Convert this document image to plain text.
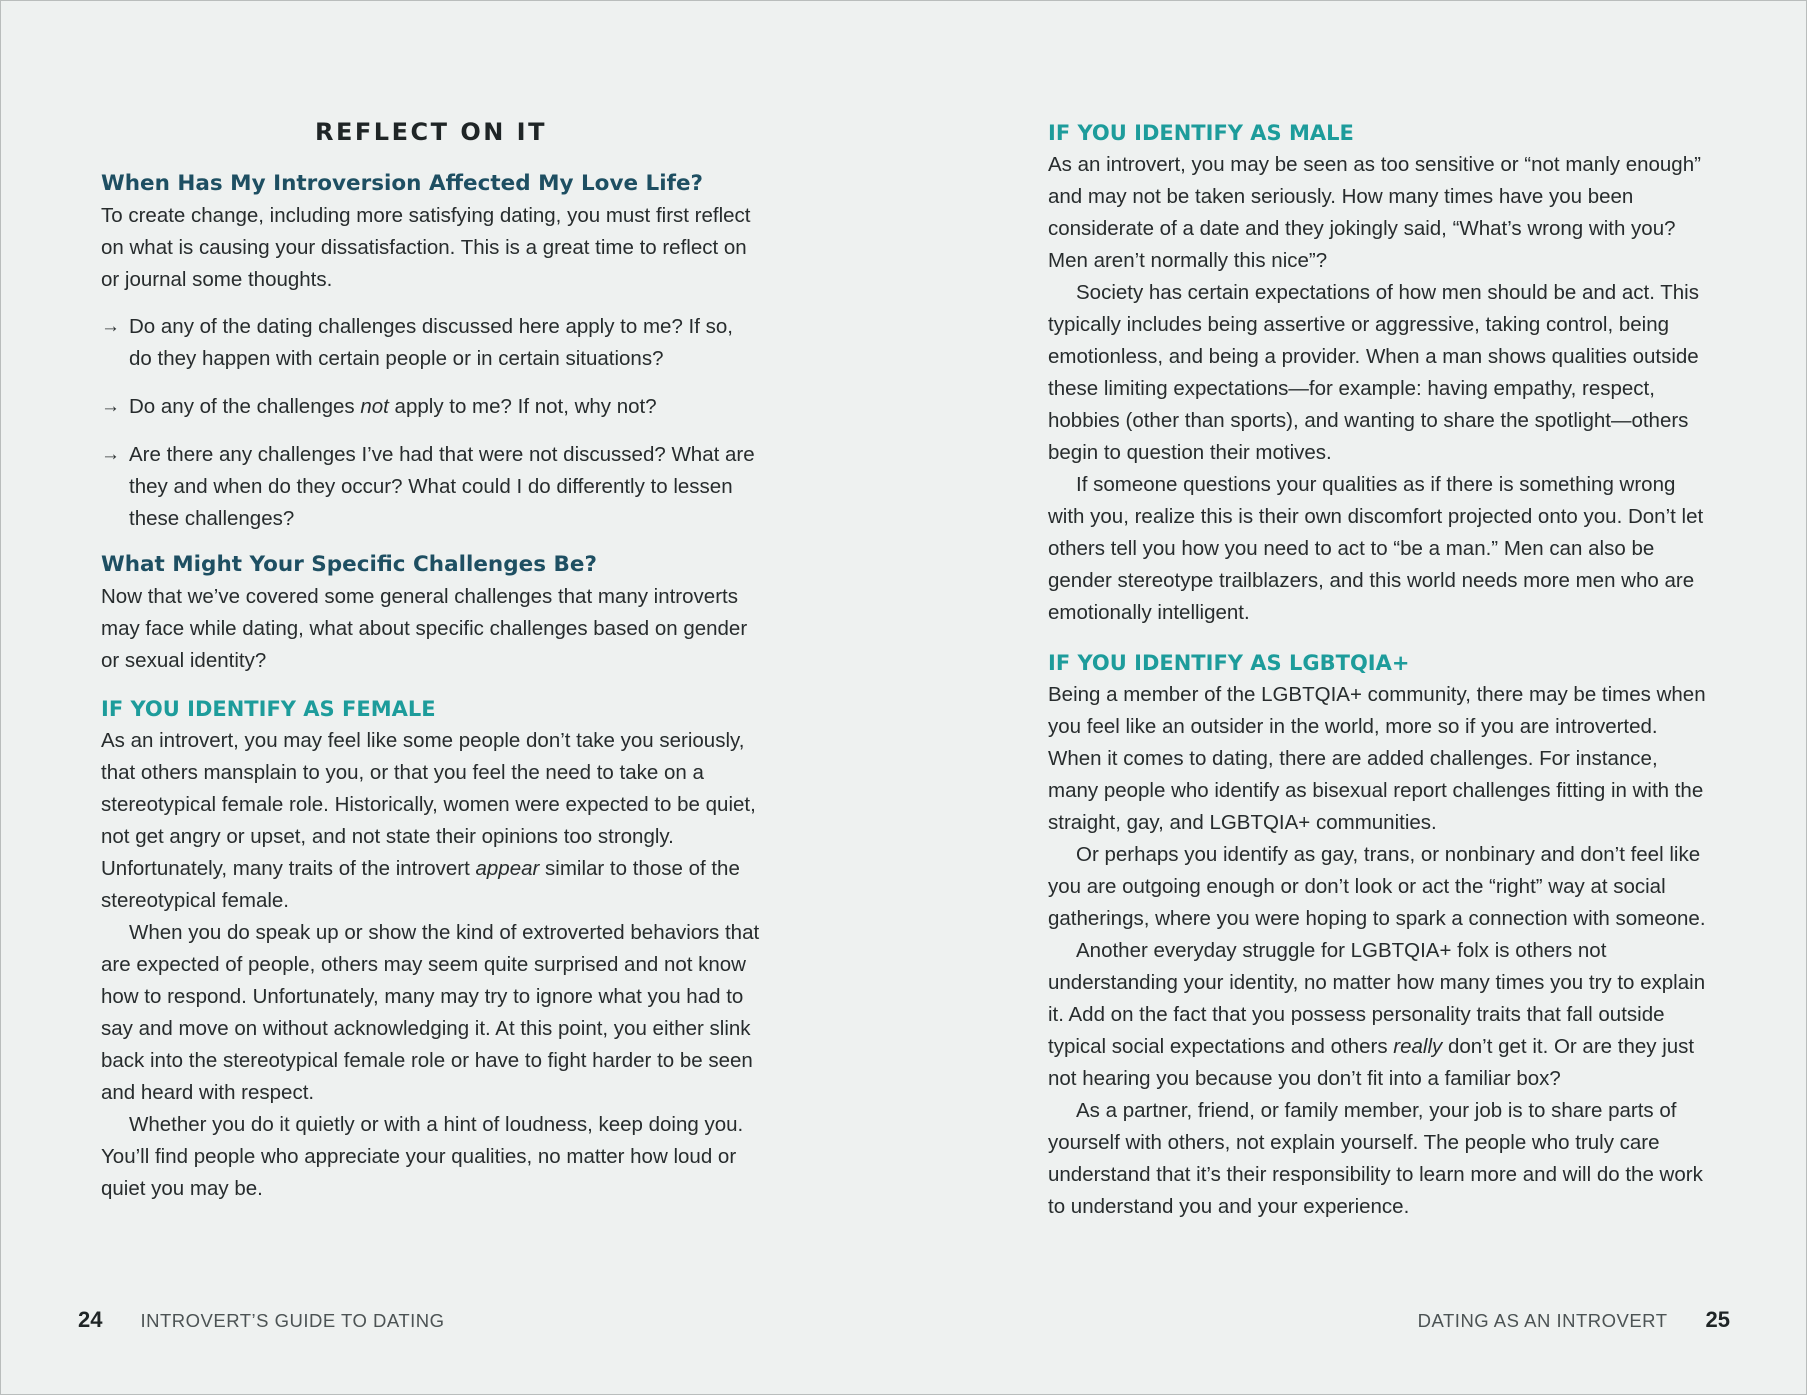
REFLECT ON IT
When Has My Introversion Affected My Love Life?

To create change, including more satisfying dating, you must first reflect on what is causing your dissatisfaction. This is a great time to reflect on or journal some thoughts.

→ Do any of the dating challenges discussed here apply to me? If so, do they happen with certain people or in certain situations?
→ Do any of the challenges not apply to me? If not, why not?
→ Are there any challenges I’ve had that were not discussed? What are they and when do they occur? What could I do differently to lessen these challenges?
What Might Your Specific Challenges Be?

Now that we’ve covered some general challenges that many introverts may face while dating, what about specific challenges based on gender or sexual identity?

IF YOU IDENTIFY AS FEMALE

As an introvert, you may feel like some people don’t take you seriously, that others mansplain to you, or that you feel the need to take on a stereotypical female role. Historically, women were expected to be quiet, not get angry or upset, and not state their opinions too strongly. Unfortunately, many traits of the introvert appear similar to those of the stereotypical female.

When you do speak up or show the kind of extroverted behaviors that are expected of people, others may seem quite surprised and not know how to respond. Unfortunately, many may try to ignore what you had to say and move on without acknowledging it. At this point, you either slink back into the stereotypical female role or have to fight harder to be seen and heard with respect.

Whether you do it quietly or with a hint of loudness, keep doing you. You’ll find people who appreciate your qualities, no matter how loud or quiet you may be.

IF YOU IDENTIFY AS MALE

As an introvert, you may be seen as too sensitive or “not manly enough” and may not be taken seriously. How many times have you been considerate of a date and they jokingly said, “What’s wrong with you? Men aren’t normally this nice”?

Society has certain expectations of how men should be and act. This typically includes being assertive or aggressive, taking control, being emotionless, and being a provider. When a man shows qualities outside these limiting expectations—for example: having empathy, respect, hobbies (other than sports), and wanting to share the spotlight—others begin to question their motives.

If someone questions your qualities as if there is something wrong with you, realize this is their own discomfort projected onto you. Don’t let others tell you how you need to act to “be a man.” Men can also be gender stereotype trailblazers, and this world needs more men who are emotionally intelligent.

IF YOU IDENTIFY AS LGBTQIA+

Being a member of the LGBTQIA+ community, there may be times when you feel like an outsider in the world, more so if you are introverted. When it comes to dating, there are added challenges. For instance, many people who identify as bisexual report challenges fitting in with the straight, gay, and LGBTQIA+ communities.

Or perhaps you identify as gay, trans, or nonbinary and don’t feel like you are outgoing enough or don’t look or act the “right” way at social gatherings, where you were hoping to spark a connection with someone.

Another everyday struggle for LGBTQIA+ folx is others not understanding your identity, no matter how many times you try to explain it. Add on the fact that you possess personality traits that fall outside typical social expectations and others really don’t get it. Or are they just not hearing you because you don’t fit into a familiar box?

As a partner, friend, or family member, your job is to share parts of yourself with others, not explain yourself. The people who truly care understand that it’s their responsibility to learn more and will do the work to understand you and your experience.

24 INTROVERT’S GUIDE TO DATING	DATING AS AN INTROVERT 25
